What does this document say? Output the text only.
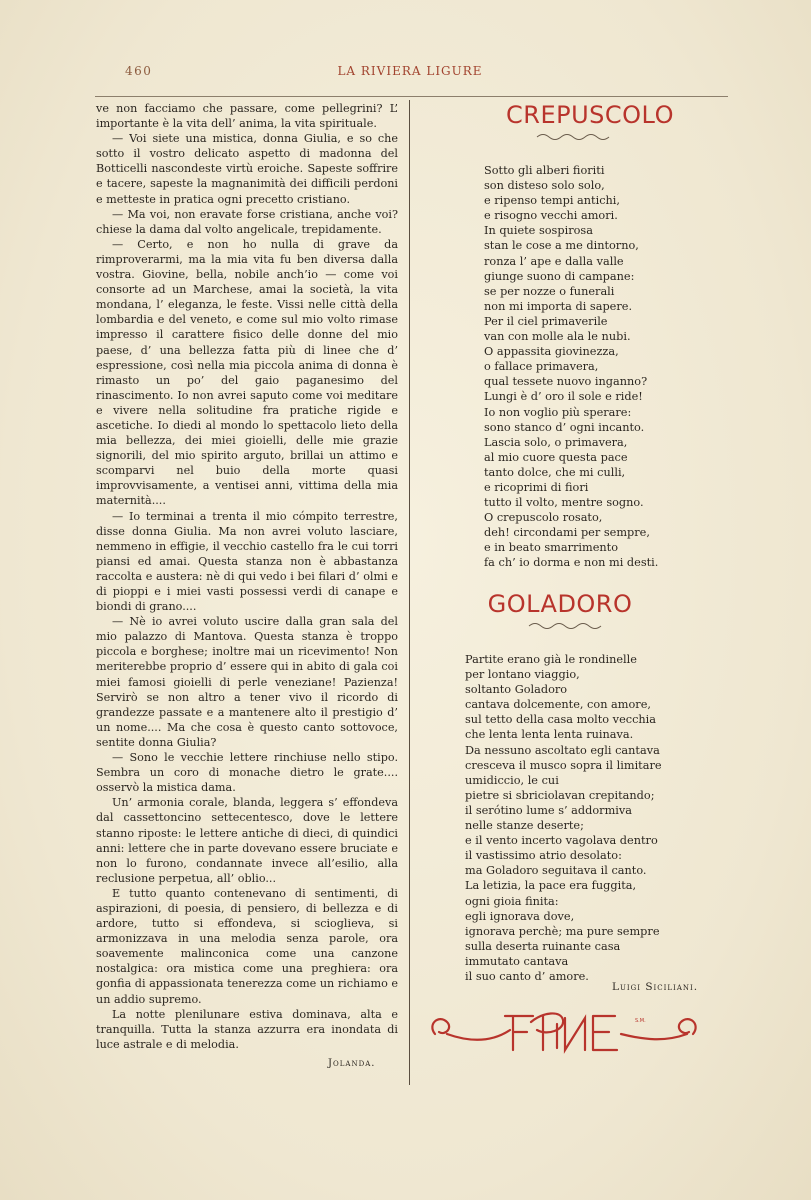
460	LA RIVIERA LIGURE

ve non facciamo che passare, come pellegrini? L’ importante è la vita dell’ anima, la vita spirituale.

— Voi siete una mistica, donna Giulia, e so che sotto il vostro delicato aspetto di madonna del Botticelli nascondeste virtù eroiche. Sapeste soffrire e tacere, sapeste la magnanimità dei difficili perdoni e metteste in pratica ogni precetto cristiano.

— Ma voi, non eravate forse cristiana, anche voi? chiese la dama dal volto angelicale, trepidamente.

— Certo, e non ho nulla di grave da rimproverarmi, ma la mia vita fu ben diversa dalla vostra. Giovine, bella, nobile anch’io — come voi consorte ad un Marchese, amai la società, la vita mondana, l’ eleganza, le feste. Vissi nelle città della lombardia e del veneto, e come sul mio volto rimase impresso il carattere fisico delle donne del mio paese, d’ una bellezza fatta più di linee che d’ espressione, così nella mia piccola anima di donna è rimasto un po’ del gaio paganesimo del rinascimento. Io non avrei saputo come voi meditare e vivere nella solitudine fra pratiche rigide e ascetiche. Io diedi al mondo lo spettacolo lieto della mia bellezza, dei miei gioielli, delle mie grazie signorili, del mio spirito arguto, brillai un attimo e scomparvi nel buio della morte quasi improvvisamente, a ventisei anni, vittima della mia maternità....

— Io terminai a trenta il mio cómpito terrestre, disse donna Giulia. Ma non avrei voluto lasciare, nemmeno in effigie, il vecchio castello fra le cui torri piansi ed amai. Questa stanza non è abbastanza raccolta e austera: nè di qui vedo i bei filari d’ olmi e di pioppi e i miei vasti possessi verdi di canape e biondi di grano....

— Nè io avrei voluto uscire dalla gran sala del mio palazzo di Mantova. Questa stanza è troppo piccola e borghese; inoltre mai un ricevimento! Non meriterebbe proprio d’ essere qui in abito di gala coi miei famosi gioielli di perle veneziane! Pazienza! Servirò se non altro a tener vivo il ricordo di grandezze passate e a mantenere alto il prestigio d’ un nome.... Ma che cosa è questo canto sottovoce, sentite donna Giulia?

— Sono le vecchie lettere rinchiuse nello stipo. Sembra un coro di monache dietro le grate.... osservò la mistica dama.

Un’ armonia corale, blanda, leggera s’ effondeva dal cassettoncino settecentesco, dove le lettere stanno riposte: le lettere antiche di dieci, di quindici anni: lettere che in parte dovevano essere bruciate e non lo furono, condannate invece all’esilio, alla reclusione perpetua, all’ oblio...

E tutto quanto contenevano di sentimenti, di aspirazioni, di poesia, di pensiero, di bellezza e di ardore, tutto si effondeva, si scioglieva, si armonizzava in una melodia senza parole, ora soavemente malinconica come una canzone nostalgica: ora mistica come una preghiera: ora gonfia di appassionata tenerezza come un richiamo e un addio supremo.

La notte plenilunare estiva dominava, alta e tranquilla. Tutta la stanza azzurra era inondata di luce astrale e di melodia.

Jolanda.
CREPUSCOLO
Sotto gli alberi fioriti
son disteso solo solo,
e ripenso tempi antichi,
e risogno vecchi amori.
In quiete sospirosa
stan le cose a me dintorno,
ronza l’ ape e dalla valle
giunge suono di campane:
se per nozze o funerali
non mi importa di sapere.
Per il ciel primaverile
van con molle ala le nubi.
O appassita giovinezza,
o fallace primavera,
qual tessete nuovo inganno?
Lungi è d’ oro il sole e ride!
Io non voglio più sperare:
sono stanco d’ ogni incanto.
Lascia solo, o primavera,
al mio cuore questa pace
tanto dolce, che mi culli,
e ricoprimi di fiori
tutto il volto, mentre sogno.
O crepuscolo rosato,
deh! circondami per sempre,
e in beato smarrimento
fa ch’ io dorma e non mi desti.
GOLADORO
Partite erano già le rondinelle
per lontano viaggio,
soltanto Goladoro
cantava dolcemente, con amore,
sul tetto della casa molto vecchia
che lenta lenta lenta ruinava.
Da nessuno ascoltato egli cantava
cresceva il musco sopra il limitare
umidiccio, le cui
pietre si sbriciolavan crepitando;
il serótino lume s’ addormiva
nelle stanze deserte;
e il vento incerto vagolava dentro
il vastissimo atrio desolato:
ma Goladoro seguitava il canto.
La letizia, la pace era fuggita,
ogni gioia finita:
egli ignorava dove,
ignorava perchè; ma pure sempre
sulla deserta ruinante casa
immutato cantava
il suo canto d’ amore.
Luigi Siciliani.
S.M.
